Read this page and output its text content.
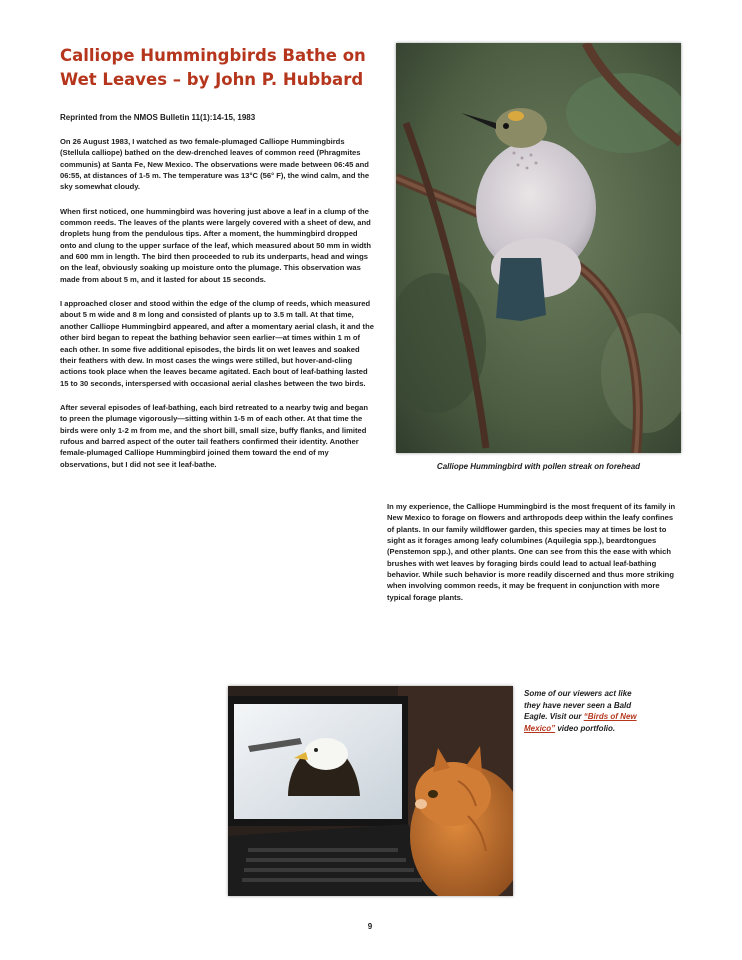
Calliope Hummingbirds Bathe on Wet Leaves – by John P. Hubbard
Reprinted from the NMOS Bulletin 11(1):14-15, 1983

On 26 August 1983, I watched as two female-plumaged Calliope Hummingbirds (Stellula calliope) bathed on the dew-drenched leaves of common reed (Phragmites communis) at Santa Fe, New Mexico. The observations were made between 06:45 and 06:55, at distances of 1-5 m. The temperature was 13°C (56° F), the wind calm, and the sky somewhat cloudy.

When first noticed, one hummingbird was hovering just above a leaf in a clump of the common reeds. The leaves of the plants were largely covered with a sheet of dew, and droplets hung from the pendulous tips. After a moment, the hummingbird dropped onto and clung to the upper surface of the leaf, which measured about 50 mm in width and 600 mm in length. The bird then proceeded to rub its underparts, head and wings on the leaf, obviously soaking up moisture onto the plumage. This observation was made from about 5 m, and it lasted for about 15 seconds.

I approached closer and stood within the edge of the clump of reeds, which measured about 5 m wide and 8 m long and consisted of plants up to 3.5 m tall. At that time, another Calliope Hummingbird appeared, and after a momentary aerial clash, it and the other bird began to repeat the bathing behavior seen earlier—at times within 1 m of each other. In some five additional episodes, the birds lit on wet leaves and soaked their feathers with dew. In most cases the wings were stilled, but hover-and-cling actions took place when the leaves became agitated. Each bout of leaf-bathing lasted 15 to 30 seconds, interspersed with occasional aerial clashes between the two birds.

After several episodes of leaf-bathing, each bird retreated to a nearby twig and began to preen the plumage vigorously—sitting within 1-5 m of each other. At that time the birds were only 1-2 m from me, and the short bill, small size, buffy flanks, and limited rufous and barred aspect of the outer tail feathers confirmed their identity. Another female-plumaged Calliope Hummingbird joined them toward the end of my observations, but I did not see it leaf-bathe.	Calliope Hummingbird with pollen streak on forehead

In my experience, the Calliope Hummingbird is the most frequent of its family in New Mexico to forage on flowers and arthropods deep within the leafy confines of plants. In our family wildflower garden, this species may at times be lost to sight as it forages among leafy columbines (Aquilegia spp.), beardtongues (Penstemon spp.), and other plants. One can see from this the ease with which brushes with wet leaves by foraging birds could lead to actual leaf-bathing behavior. While such behavior is more readily discerned and thus more striking when involving common reeds, it may be frequent in conjunction with more typical forage plants.

Some of our viewers act like they have never seen a Bald Eagle. Visit our “Birds of New Mexico” video portfolio.
9
